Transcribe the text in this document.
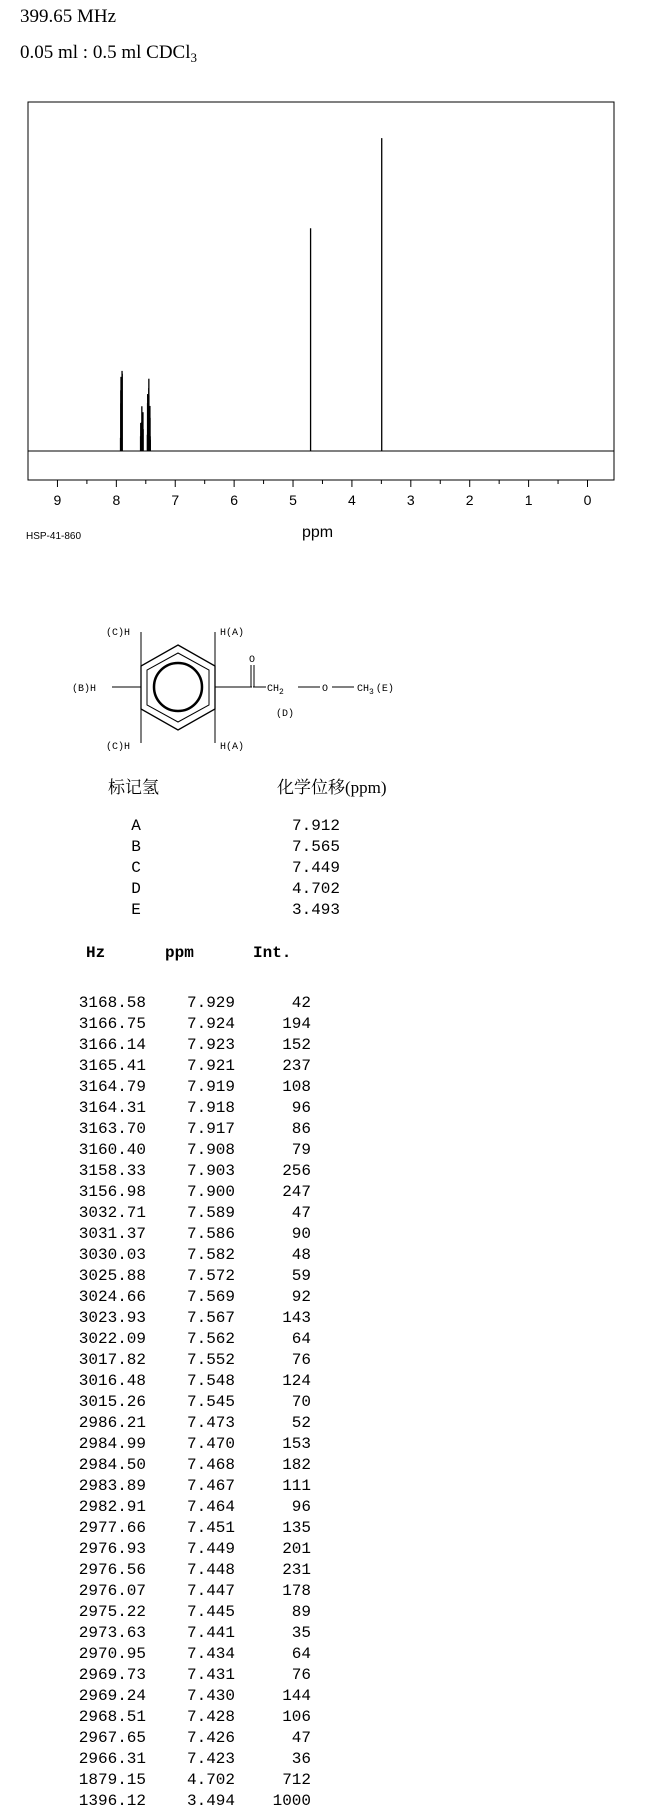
399.65 MHz
0.05 ml : 0.5 ml CDCl$_3$
9	8	7	6	5	4	3	2	1	0
HSP-41-860	ppm
(C)H	H(A)
(B)H
(C)H	H(A)
O
$CH_2$	O	$CH_3$ (E)
(D)
标记氢	化学位移(ppm)
A	7.912
B	7.565
C	7.449
D	4.702
E	3.493
Hz	ppm	Int.
3168.58	7.929	42
3166.75	7.924	194
3166.14	7.923	152
3165.41	7.921	237
3164.79	7.919	108
3164.31	7.918	96
3163.70	7.917	86
3160.40	7.908	79
3158.33	7.903	256
3156.98	7.900	247
3032.71	7.589	47
3031.37	7.586	90
3030.03	7.582	48
3025.88	7.572	59
3024.66	7.569	92
3023.93	7.567	143
3022.09	7.562	64
3017.82	7.552	76
3016.48	7.548	124
3015.26	7.545	70
2986.21	7.473	52
2984.99	7.470	153
2984.50	7.468	182
2983.89	7.467	111
2982.91	7.464	96
2977.66	7.451	135
2976.93	7.449	201
2976.56	7.448	231
2976.07	7.447	178
2975.22	7.445	89
2973.63	7.441	35
2970.95	7.434	64
2969.73	7.431	76
2969.24	7.430	144
2968.51	7.428	106
2967.65	7.426	47
2966.31	7.423	36
1879.15	4.702	712
1396.12	3.494	1000
